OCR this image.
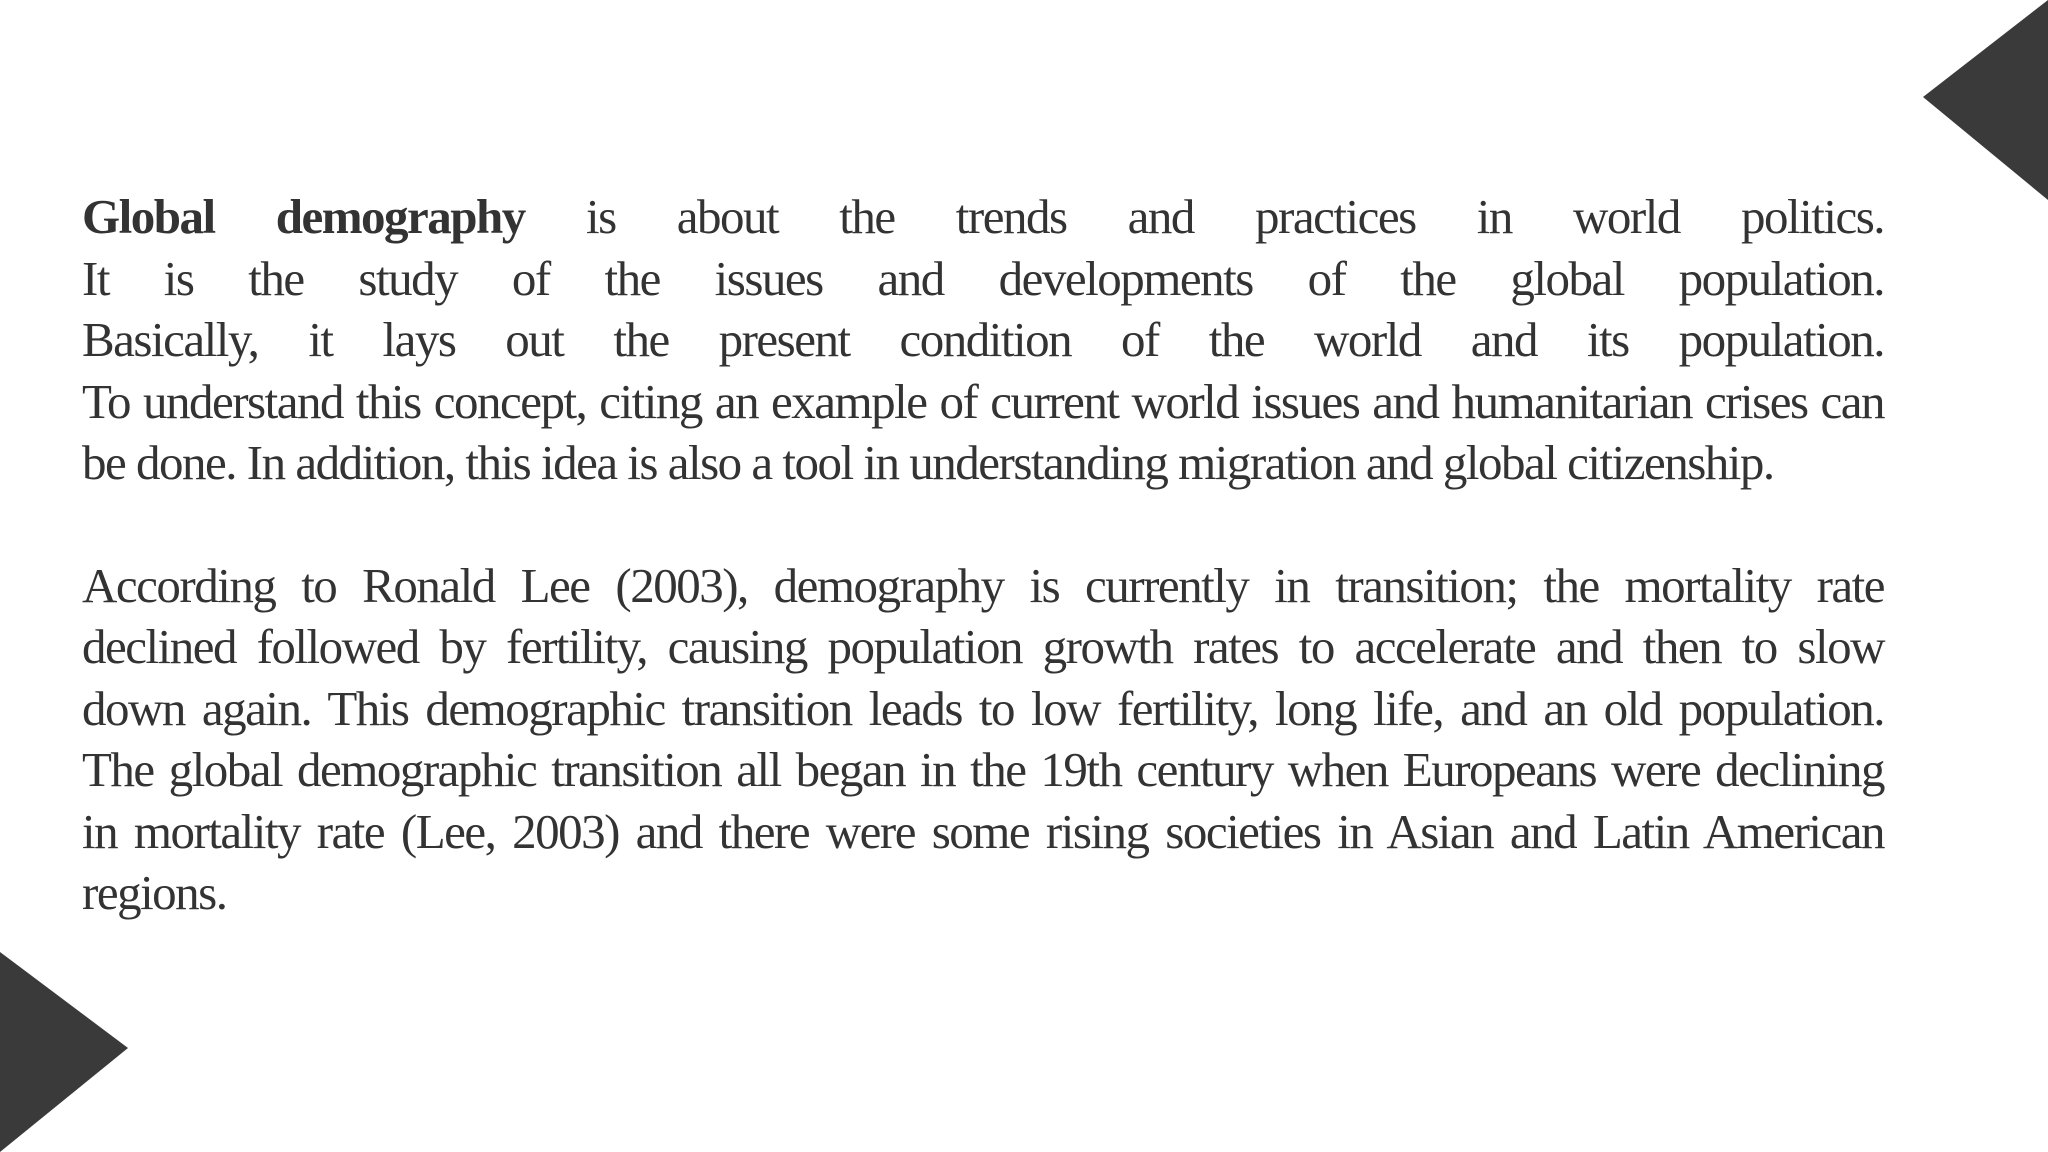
Global demography is about the trends and practices in world politics.
It is the study of the issues and developments of the global population.
Basically, it lays out the present condition of the world and its population.
To understand this concept, citing an example of current world issues and humanitarian crises can
be done. In addition, this idea is also a tool in understanding migration and global citizenship.

According to Ronald Lee (2003), demography is currently in transition; the mortality rate
declined followed by fertility, causing population growth rates to accelerate and then to slow
down again. This demographic transition leads to low fertility, long life, and an old population.
The global demographic transition all began in the 19th century when Europeans were declining
in mortality rate (Lee, 2003) and there were some rising societies in Asian and Latin American
regions.
